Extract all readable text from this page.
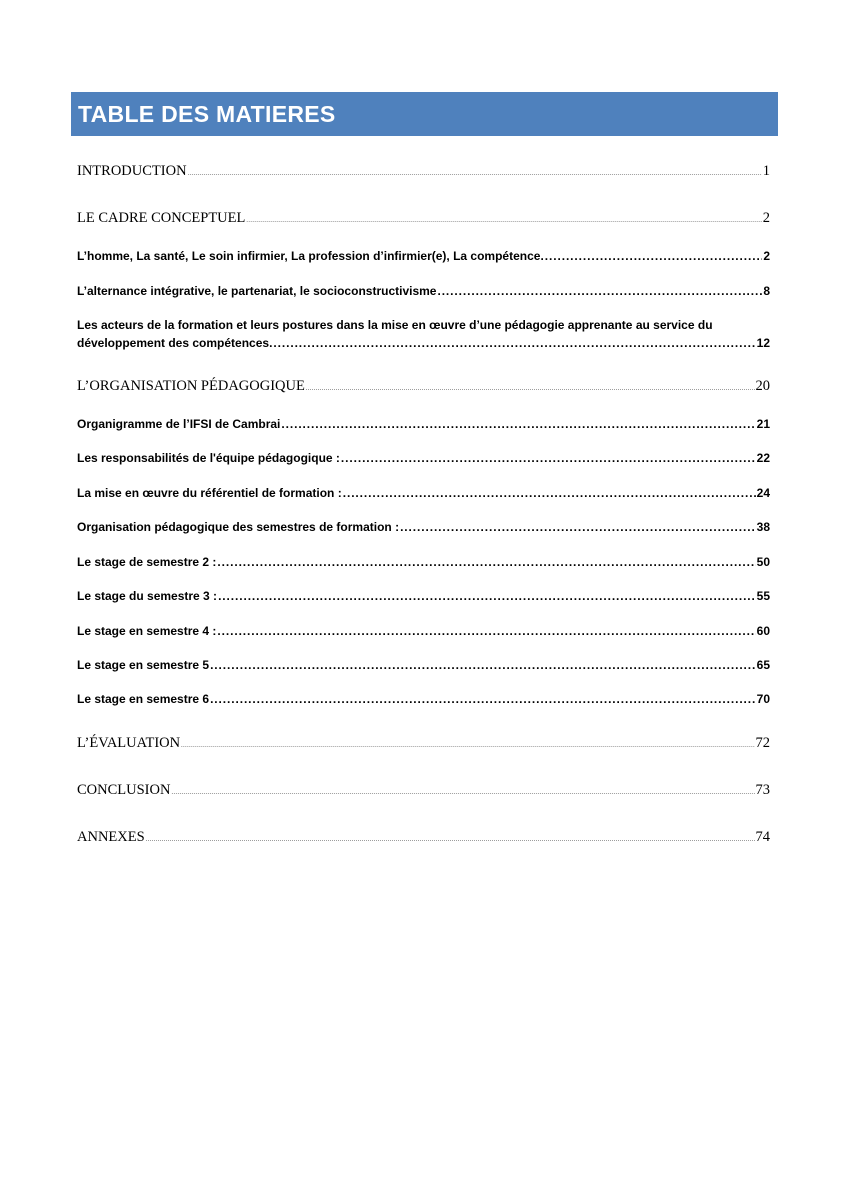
TABLE DES MATIERES
INTRODUCTION .....	1
LE CADRE CONCEPTUEL .....	2
L’homme, La santé, Le soin infirmier, La profession d’infirmier(e), La compétence. .....	2
L’alternance intégrative, le partenariat, le socioconstructivisme .....	8
Les acteurs de la formation et leurs postures dans la mise en œuvre d’une pédagogie apprenante au service du
développement des compétences. .....	12
L’ORGANISATION PÉDAGOGIQUE .....	20
Organigramme de l’IFSI de Cambrai .....	21
Les responsabilités de l'équipe pédagogique : .....	22
La mise en œuvre du référentiel de formation : .....	24
Organisation pédagogique des semestres de formation : .....	38
Le stage de semestre 2 : .....	50
Le stage du semestre 3 : .....	55
Le stage en semestre 4 : .....	60
Le stage en semestre 5 .....	65
Le stage en semestre 6 .....	70
L’ÉVALUATION .....	72
CONCLUSION .....	73
ANNEXES .....	74
